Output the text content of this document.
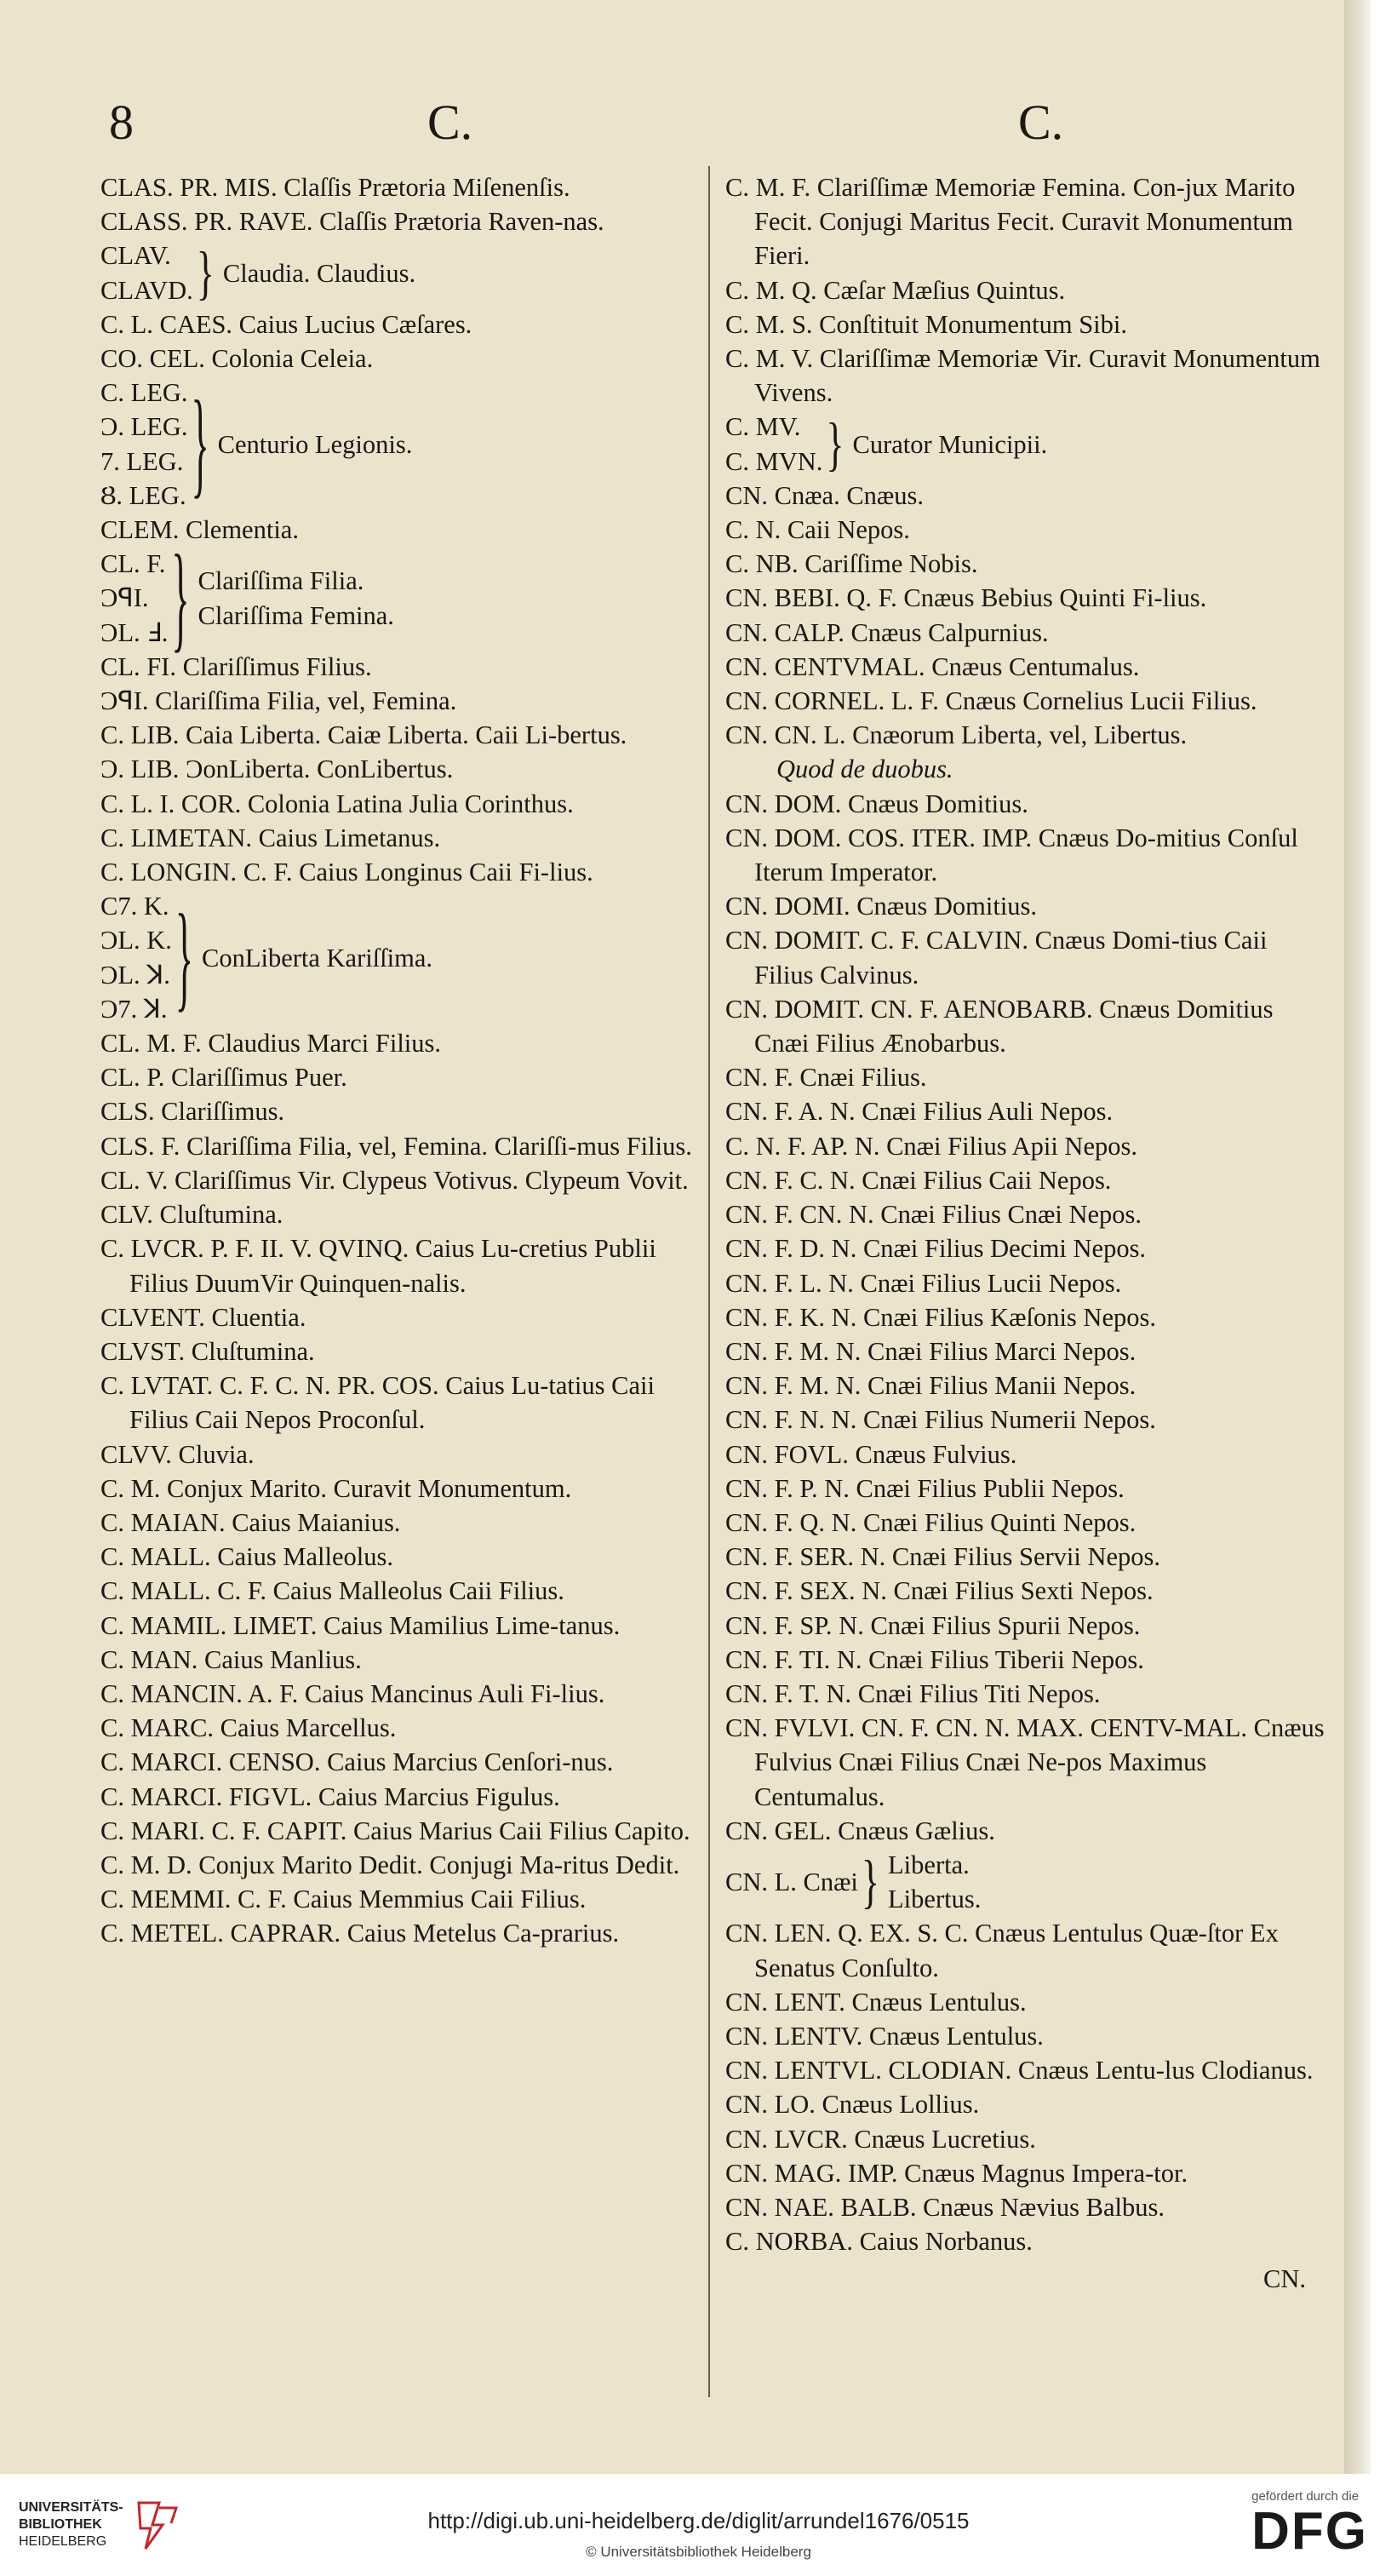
8	C.	C.
CLAS. PR. MIS. Claſſis Prætoria Miſenenſis.
CLASS. PR. RAVE. Claſſis Prætoria Raven-nas.
CLAV.
CLAVD. } Claudia. Claudius.
C. L. CAES. Caius Lucius Cæſares.
CO. CEL. Colonia Celeia.
C. LEG.
Ɔ. LEG.
7. LEG.
Ȣ. LEG. } Centurio Legionis.
CLEM. Clementia.
CL. F.
ƆꟼI.
ƆL. Ⅎ. } Clariſſima Filia.
Clariſſima Femina.
CL. FI. Clariſſimus Filius.
ƆꟼI. Clariſſima Filia, vel, Femina.
C. LIB. Caia Liberta. Caiæ Liberta. Caii Li-bertus.
Ɔ. LIB. ƆonLiberta. ConLibertus.
C. L. I. COR. Colonia Latina Julia Corinthus.
C. LIMETAN. Caius Limetanus.
C. LONGIN. C. F. Caius Longinus Caii Fi-lius.
C7. K.
ƆL. K.
ƆL. ꓘ.
Ɔ7. ꓘ. } ConLiberta Kariſſima.
CL. M. F. Claudius Marci Filius.
CL. P. Clariſſimus Puer.
CLS. Clariſſimus.
CLS. F. Clariſſima Filia, vel, Femina. Clariſſi-mus Filius.
CL. V. Clariſſimus Vir. Clypeus Votivus. Clypeum Vovit.
CLV. Cluſtumina.
C. LVCR. P. F. II. V. QVINQ. Caius Lu-cretius Publii Filius DuumVir Quinquen-nalis.
CLVENT. Cluentia.
CLVST. Cluſtumina.
C. LVTAT. C. F. C. N. PR. COS. Caius Lu-tatius Caii Filius Caii Nepos Proconſul.
CLVV. Cluvia.
C. M. Conjux Marito. Curavit Monumentum.
C. MAIAN. Caius Maianius.
C. MALL. Caius Malleolus.
C. MALL. C. F. Caius Malleolus Caii Filius.
C. MAMIL. LIMET. Caius Mamilius Lime-tanus.
C. MAN. Caius Manlius.
C. MANCIN. A. F. Caius Mancinus Auli Fi-lius.
C. MARC. Caius Marcellus.
C. MARCI. CENSO. Caius Marcius Cenſori-nus.
C. MARCI. FIGVL. Caius Marcius Figulus.
C. MARI. C. F. CAPIT. Caius Marius Caii Filius Capito.
C. M. D. Conjux Marito Dedit. Conjugi Ma-ritus Dedit.
C. MEMMI. C. F. Caius Memmius Caii Filius.
C. METEL. CAPRAR. Caius Metelus Ca-prarius.
C. M. F. Clariſſimæ Memoriæ Femina. Con-jux Marito Fecit. Conjugi Maritus Fecit. Curavit Monumentum Fieri.
C. M. Q. Cæſar Mæſius Quintus.
C. M. S. Conſtituit Monumentum Sibi.
C. M. V. Clariſſimæ Memoriæ Vir. Curavit Monumentum Vivens.
C. MV.
C. MVN. } Curator Municipii.
CN. Cnæa. Cnæus.
C. N. Caii Nepos.
C. NB. Cariſſime Nobis.
CN. BEBI. Q. F. Cnæus Bebius Quinti Fi-lius.
CN. CALP. Cnæus Calpurnius.
CN. CENTVMAL. Cnæus Centumalus.
CN. CORNEL. L. F. Cnæus Cornelius Lucii Filius.
CN. CN. L. Cnæorum Liberta, vel, Libertus.
Quod de duobus.
CN. DOM. Cnæus Domitius.
CN. DOM. COS. ITER. IMP. Cnæus Do-mitius Conſul Iterum Imperator.
CN. DOMI. Cnæus Domitius.
CN. DOMIT. C. F. CALVIN. Cnæus Domi-tius Caii Filius Calvinus.
CN. DOMIT. CN. F. AENOBARB. Cnæus Domitius Cnæi Filius Ænobarbus.
CN. F. Cnæi Filius.
CN. F. A. N. Cnæi Filius Auli Nepos.
C. N. F. AP. N. Cnæi Filius Apii Nepos.
CN. F. C. N. Cnæi Filius Caii Nepos.
CN. F. CN. N. Cnæi Filius Cnæi Nepos.
CN. F. D. N. Cnæi Filius Decimi Nepos.
CN. F. L. N. Cnæi Filius Lucii Nepos.
CN. F. K. N. Cnæi Filius Kæſonis Nepos.
CN. F. M. N. Cnæi Filius Marci Nepos.
CN. F. M. N. Cnæi Filius Manii Nepos.
CN. F. N. N. Cnæi Filius Numerii Nepos.
CN. FOVL. Cnæus Fulvius.
CN. F. P. N. Cnæi Filius Publii Nepos.
CN. F. Q. N. Cnæi Filius Quinti Nepos.
CN. F. SER. N. Cnæi Filius Servii Nepos.
CN. F. SEX. N. Cnæi Filius Sexti Nepos.
CN. F. SP. N. Cnæi Filius Spurii Nepos.
CN. F. TI. N. Cnæi Filius Tiberii Nepos.
CN. F. T. N. Cnæi Filius Titi Nepos.
CN. FVLVI. CN. F. CN. N. MAX. CENTV-MAL. Cnæus Fulvius Cnæi Filius Cnæi Ne-pos Maximus Centumalus.
CN. GEL. Cnæus Gælius.
CN. L. Cnæi } Liberta.
Libertus.
CN. LEN. Q. EX. S. C. Cnæus Lentulus Quæ-ſtor Ex Senatus Conſulto.
CN. LENT. Cnæus Lentulus.
CN. LENTV. Cnæus Lentulus.
CN. LENTVL. CLODIAN. Cnæus Lentu-lus Clodianus.
CN. LO. Cnæus Lollius.
CN. LVCR. Cnæus Lucretius.
CN. MAG. IMP. Cnæus Magnus Impera-tor.
CN. NAE. BALB. Cnæus Nævius Balbus.
C. NORBA. Caius Norbanus.
CN.
UNIVERSITÄTS-
BIBLIOTHEK
HEIDELBERG
http://digi.ub.uni-heidelberg.de/diglit/arrundel1676/0515
© Universitätsbibliothek Heidelberg
gefördert durch die
DFG
